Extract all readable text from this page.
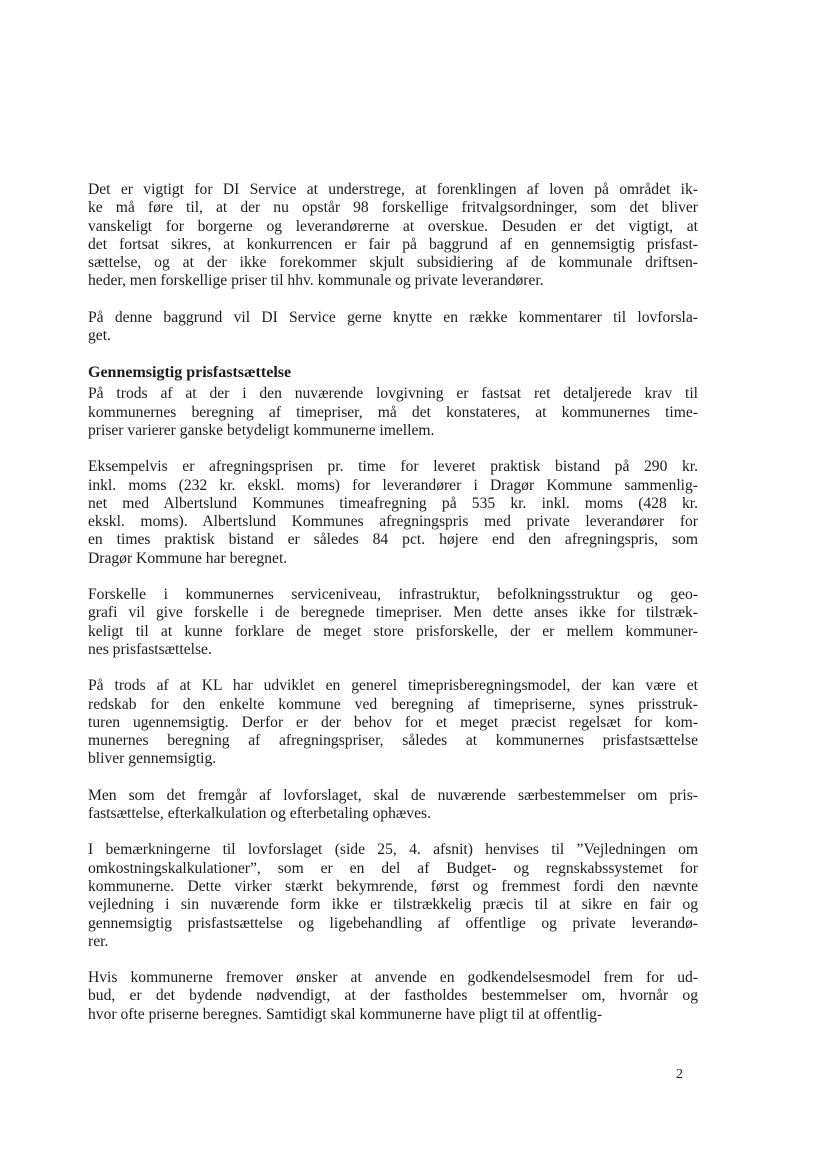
Det er vigtigt for DI Service at understrege, at forenklingen af loven på området ik-
ke må føre til, at der nu opstår 98 forskellige fritvalgsordninger, som det bliver
vanskeligt for borgerne og leverandørerne at overskue. Desuden er det vigtigt, at
det fortsat sikres, at konkurrencen er fair på baggrund af en gennemsigtig prisfast-
sættelse, og at der ikke forekommer skjult subsidiering af de kommunale driftsen-
heder, men forskellige priser til hhv. kommunale og private leverandører.
På denne baggrund vil DI Service gerne knytte en række kommentarer til lovforsla-
get.
Gennemsigtig prisfastsættelse
På trods af at der i den nuværende lovgivning er fastsat ret detaljerede krav til
kommunernes beregning af timepriser, må det konstateres, at kommunernes time-
priser varierer ganske betydeligt kommunerne imellem.
Eksempelvis er afregningsprisen pr. time for leveret praktisk bistand på 290 kr.
inkl. moms (232 kr. ekskl. moms) for leverandører i Dragør Kommune sammenlig-
net med Albertslund Kommunes timeafregning på 535 kr. inkl. moms (428 kr.
ekskl. moms). Albertslund Kommunes afregningspris med private leverandører for
en times praktisk bistand er således 84 pct. højere end den afregningspris, som
Dragør Kommune har beregnet.
Forskelle i kommunernes serviceniveau, infrastruktur, befolkningsstruktur og geo-
grafi vil give forskelle i de beregnede timepriser. Men dette anses ikke for tilstræk-
keligt til at kunne forklare de meget store prisforskelle, der er mellem kommuner-
nes prisfastsættelse.
På trods af at KL har udviklet en generel timeprisberegningsmodel, der kan være et
redskab for den enkelte kommune ved beregning af timepriserne, synes prisstruk-
turen ugennemsigtig. Derfor er der behov for et meget præcist regelsæt for kom-
munernes beregning af afregningspriser, således at kommunernes prisfastsættelse
bliver gennemsigtig.
Men som det fremgår af lovforslaget, skal de nuværende særbestemmelser om pris-
fastsættelse, efterkalkulation og efterbetaling ophæves.
I bemærkningerne til lovforslaget (side 25, 4. afsnit) henvises til ”Vejledningen om
omkostningskalkulationer”, som er en del af Budget- og regnskabssystemet for
kommunerne. Dette virker stærkt bekymrende, først og fremmest fordi den nævnte
vejledning i sin nuværende form ikke er tilstrækkelig præcis til at sikre en fair og
gennemsigtig prisfastsættelse og ligebehandling af offentlige og private leverandø-
rer.
Hvis kommunerne fremover ønsker at anvende en godkendelsesmodel frem for ud-
bud, er det bydende nødvendigt, at der fastholdes bestemmelser om, hvornår og
hvor ofte priserne beregnes. Samtidigt skal kommunerne have pligt til at offentlig-
2
